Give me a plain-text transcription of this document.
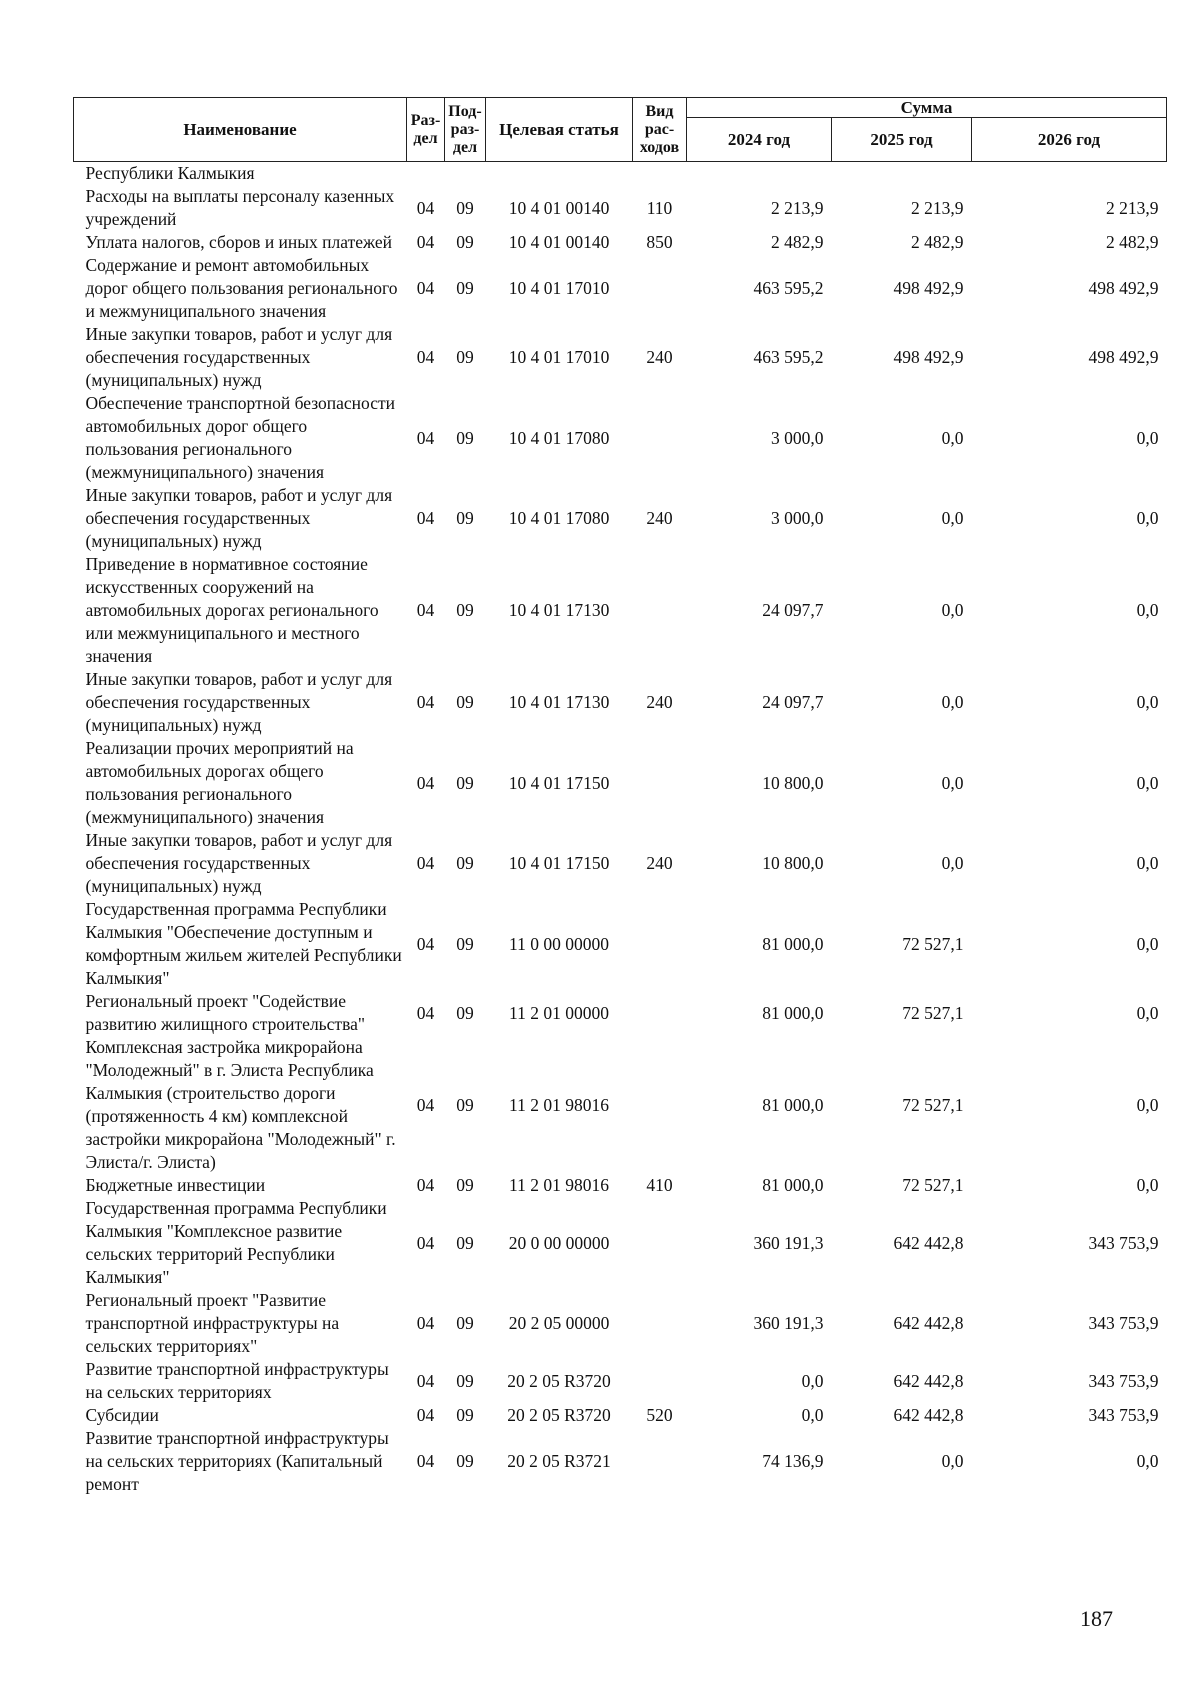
Наименование	Раз-дел	Под-раз-дел	Целевая статья	Вид рас-ходов	Сумма		
					2024 год	2025 год	2026 год
Республики Калмыкия							
Расходы на выплаты персоналу казенных учреждений	04	09	10 4 01 00140	110	2 213,9	2 213,9	2 213,9
Уплата налогов, сборов и иных платежей	04	09	10 4 01 00140	850	2 482,9	2 482,9	2 482,9
Содержание и ремонт автомобильных дорог общего пользования регионального и межмуниципального значения	04	09	10 4 01 17010		463 595,2	498 492,9	498 492,9
Иные закупки товаров, работ и услуг для обеспечения государственных (муниципальных) нужд	04	09	10 4 01 17010	240	463 595,2	498 492,9	498 492,9
Обеспечение транспортной безопасности автомобильных дорог общего пользования регионального (межмуниципального) значения	04	09	10 4 01 17080		3 000,0	0,0	0,0
Иные закупки товаров, работ и услуг для обеспечения государственных (муниципальных) нужд	04	09	10 4 01 17080	240	3 000,0	0,0	0,0
Приведение в нормативное состояние искусственных сооружений на автомобильных дорогах регионального или межмуниципального и местного значения	04	09	10 4 01 17130		24 097,7	0,0	0,0
Иные закупки товаров, работ и услуг для обеспечения государственных (муниципальных) нужд	04	09	10 4 01 17130	240	24 097,7	0,0	0,0
Реализации прочих мероприятий на автомобильных дорогах общего пользования регионального (межмуниципального) значения	04	09	10 4 01 17150		10 800,0	0,0	0,0
Иные закупки товаров, работ и услуг для обеспечения государственных (муниципальных) нужд	04	09	10 4 01 17150	240	10 800,0	0,0	0,0
Государственная программа Республики Калмыкия "Обеспечение доступным и комфортным жильем жителей Республики Калмыкия"	04	09	11 0 00 00000		81 000,0	72 527,1	0,0
Региональный проект "Содействие развитию жилищного строительства"	04	09	11 2 01 00000		81 000,0	72 527,1	0,0
Комплексная застройка микрорайона "Молодежный" в г. Элиста Республика Калмыкия (строительство дороги (протяженность 4 км) комплексной застройки микрорайона "Молодежный" г. Элиста/г. Элиста)	04	09	11 2 01 98016		81 000,0	72 527,1	0,0
Бюджетные инвестиции	04	09	11 2 01 98016	410	81 000,0	72 527,1	0,0
Государственная программа Республики Калмыкия "Комплексное развитие сельских территорий Республики Калмыкия"	04	09	20 0 00 00000		360 191,3	642 442,8	343 753,9
Региональный проект "Развитие транспортной инфраструктуры на сельских территориях"	04	09	20 2 05 00000		360 191,3	642 442,8	343 753,9
Развитие транспортной инфраструктуры на сельских территориях	04	09	20 2 05 R3720		0,0	642 442,8	343 753,9
Субсидии	04	09	20 2 05 R3720	520	0,0	642 442,8	343 753,9
Развитие транспортной инфраструктуры на сельских территориях (Капитальный ремонт	04	09	20 2 05 R3721		74 136,9	0,0	0,0
187
